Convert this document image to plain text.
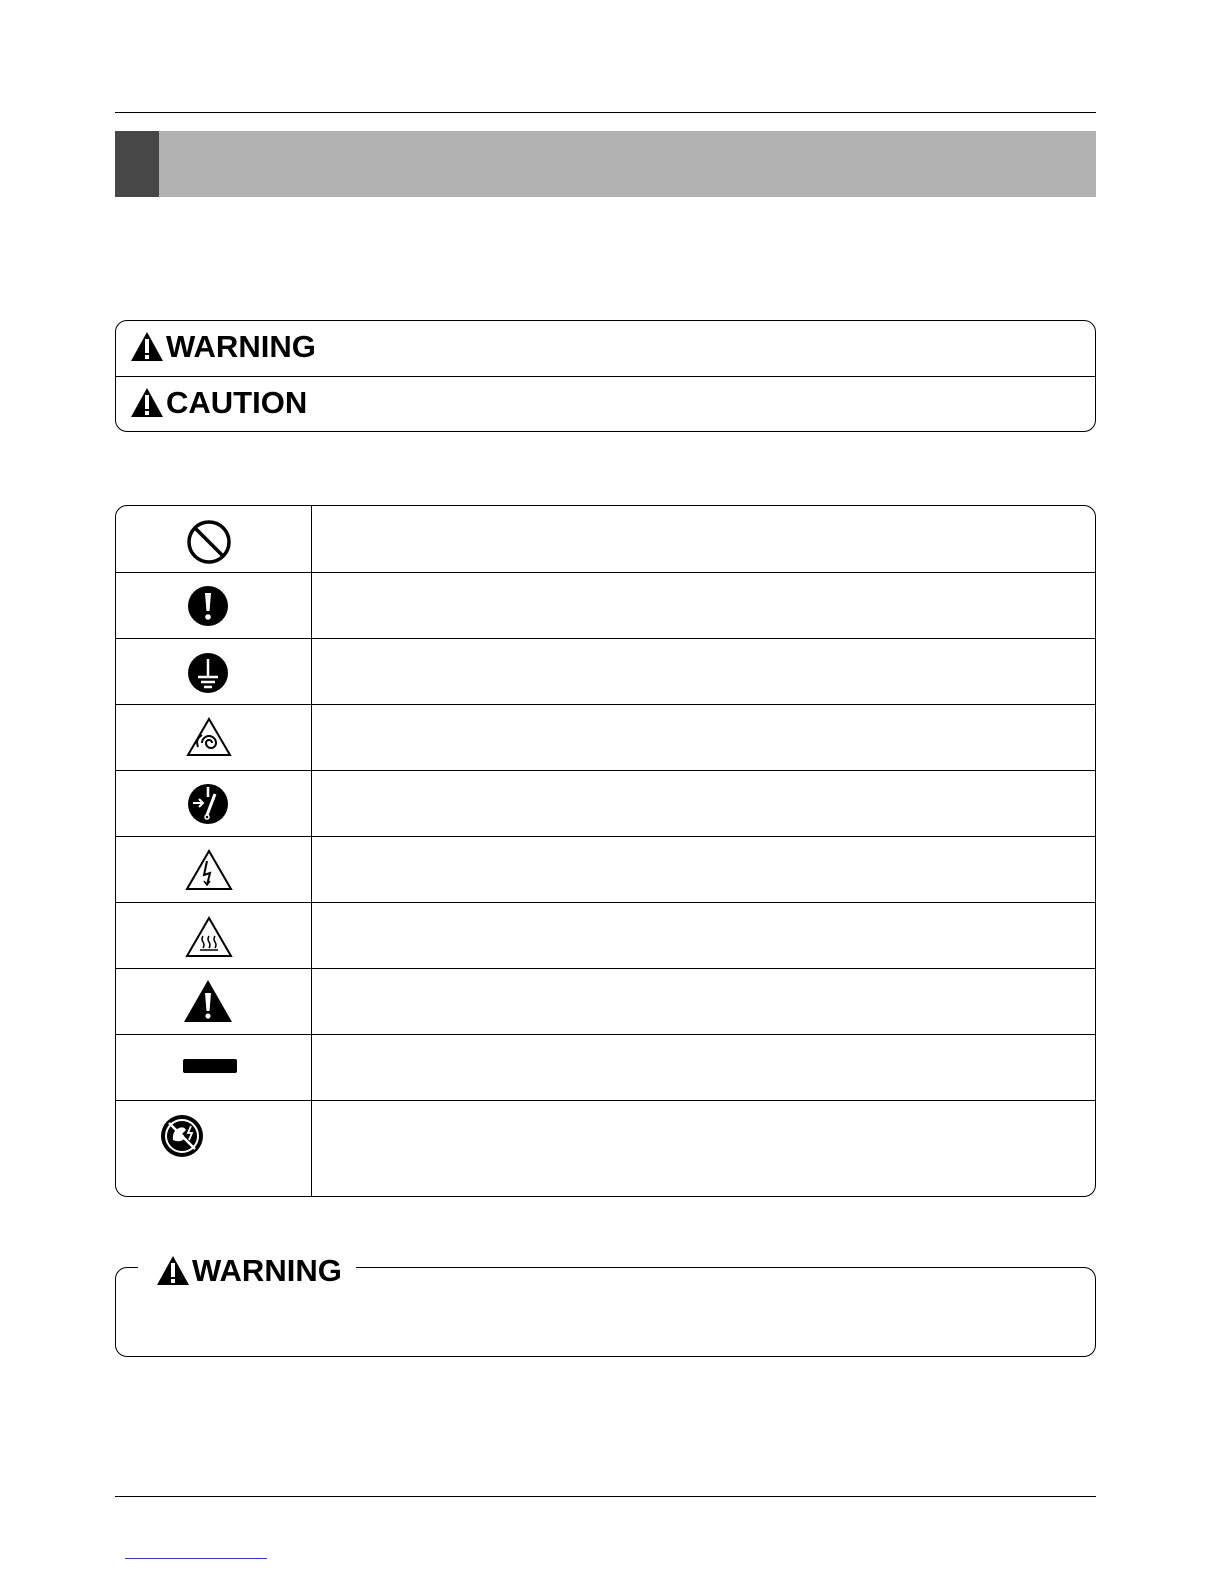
WARNING
CAUTION
WARNING
